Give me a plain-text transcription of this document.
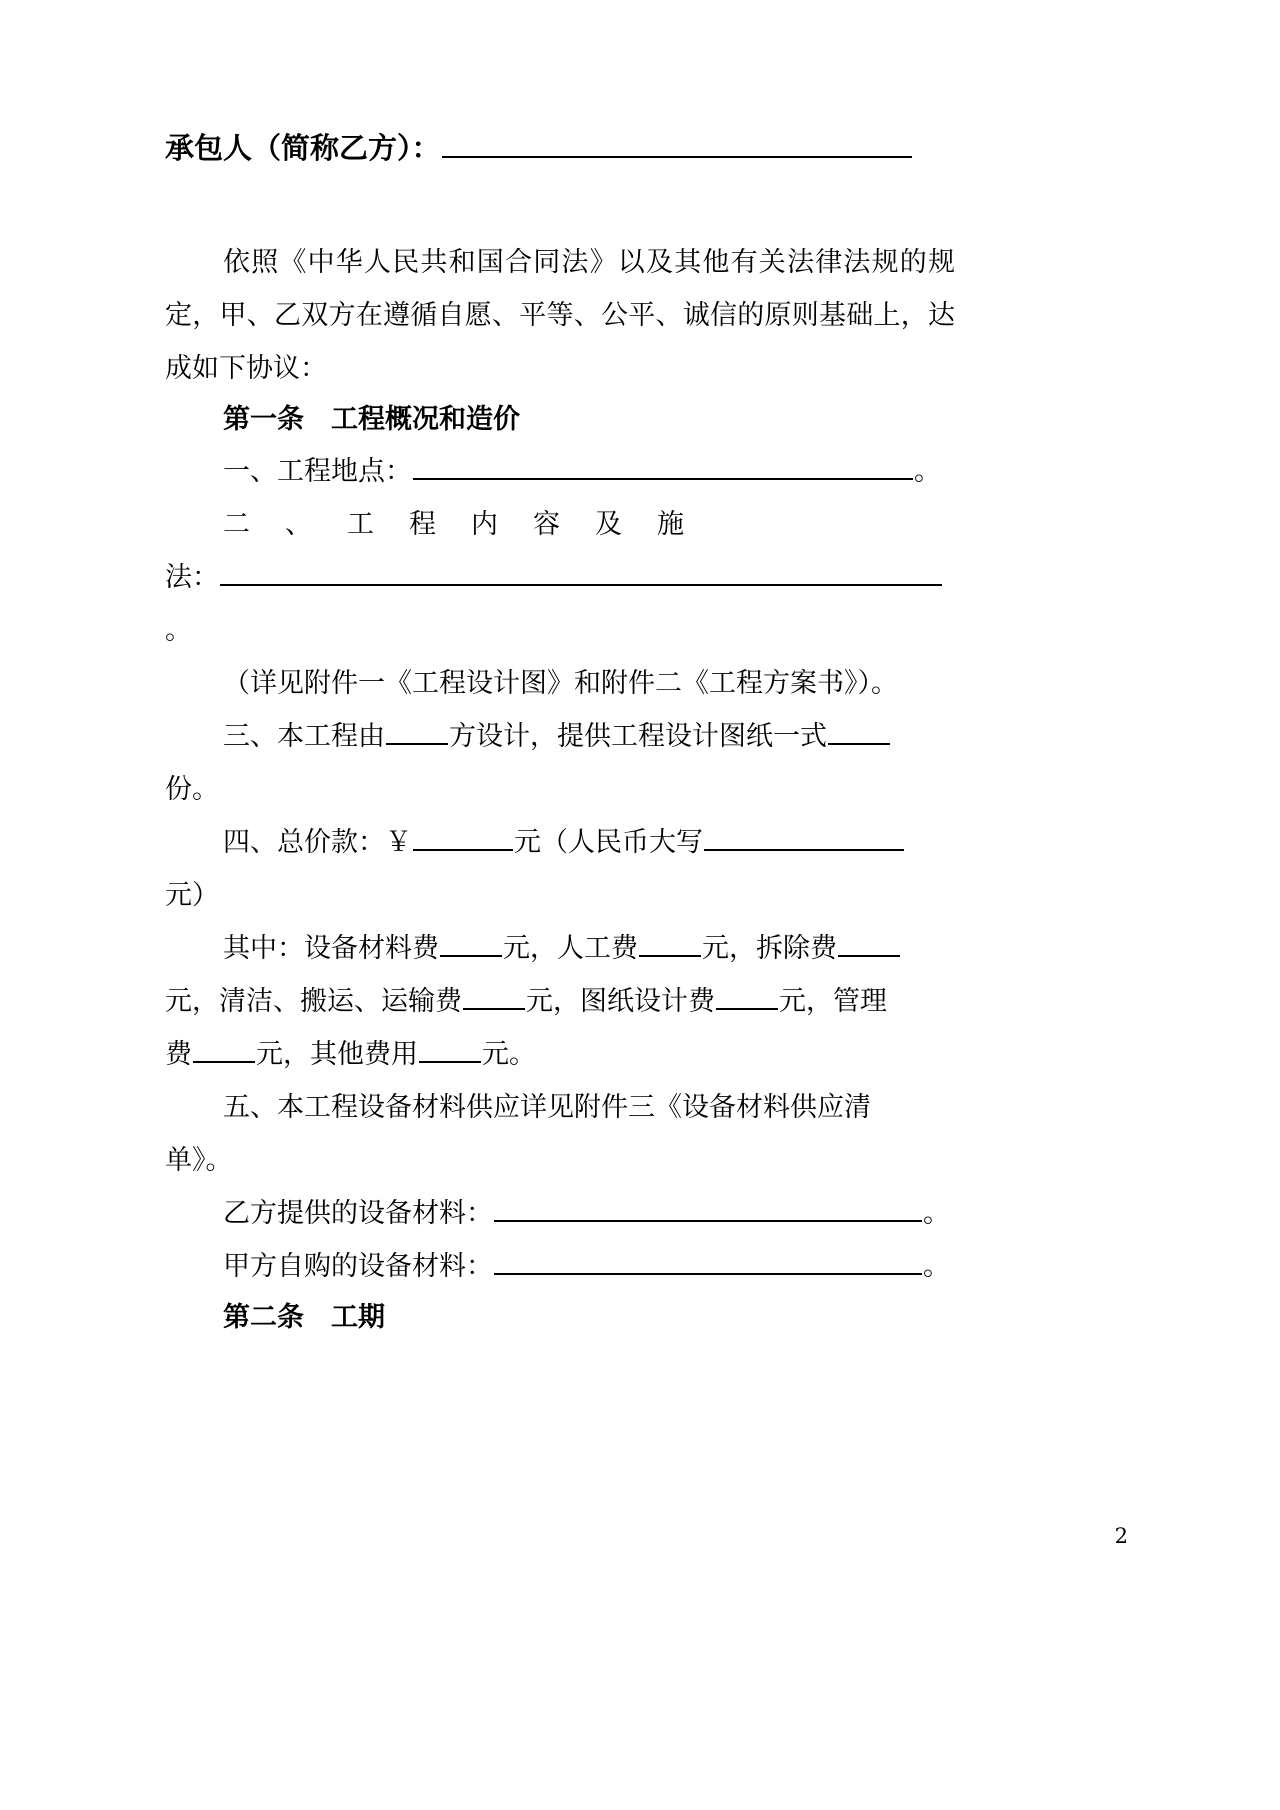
承包人（简称乙方）：
依照《中华人民共和国合同法》以及其他有关法律法规的规定，甲、乙双方在遵循自愿、平等、公平、诚信的原则基础上，达成如下协议：
第一条　工程概况和造价
一、工程地点：	。
二、工程内容及施
法：
。
（详见附件一《工程设计图》和附件二《工程方案书》）。
三、本工程由 方设计，提供工程设计图纸一式
份。
四、总价款：￥	元（人民币大写
元）
其中：设备材料费 元，人工费 元，拆除费
元，清洁、搬运、运输费 元，图纸设计费 元，管理
费 元，其他费用 元。
五、本工程设备材料供应详见附件三《设备材料供应清
单》。
乙方提供的设备材料：	。
甲方自购的设备材料：	。
第二条　工期
2
